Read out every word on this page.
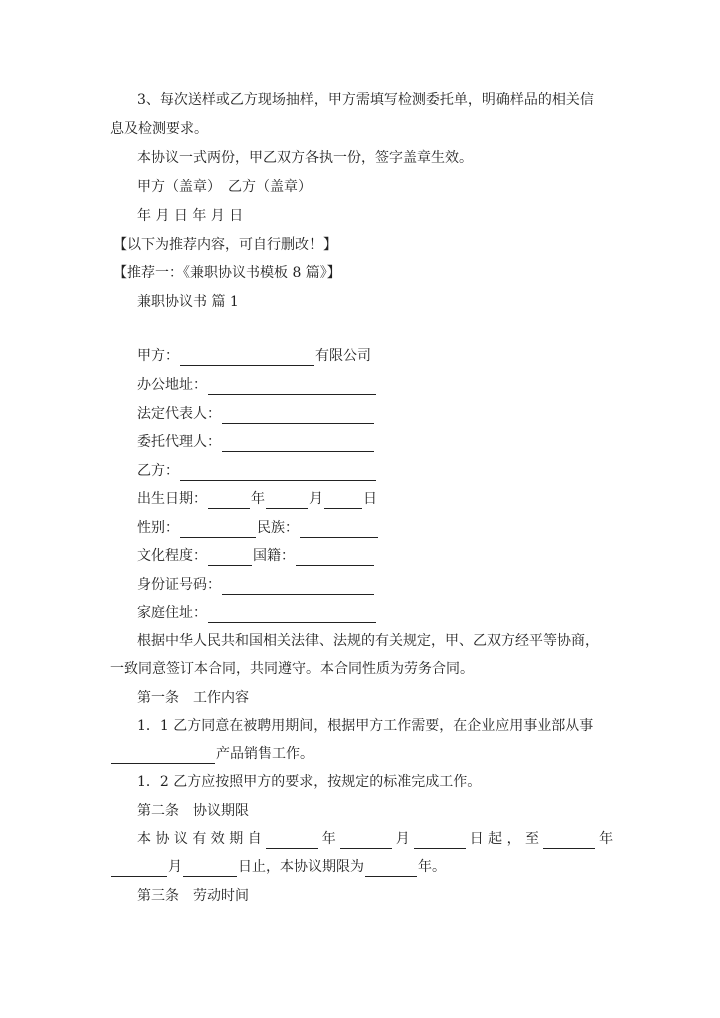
3、每次送样或乙方现场抽样，甲方需填写检测委托单，明确样品的相关信
息及检测要求。
本协议一式两份，甲乙双方各执一份，签字盖章生效。
甲方（盖章）　乙方（盖章）
年 月 日 年 月 日
【以下为推荐内容，可自行删改！】
【推荐一：《兼职协议书模板 8 篇》】
兼职协议书 篇 1
甲方：	有限公司
办公地址：
法定代表人：
委托代理人：
乙方：
出生日期：	年	月	日
性别：	民族：
文化程度：	国籍：
身份证号码：
家庭住址：
根据中华人民共和国相关法律、法规的有关规定，甲、乙双方经平等协商，
一致同意签订本合同，共同遵守。本合同性质为劳务合同。
第一条　工作内容
1．1 乙方同意在被聘用期间，根据甲方工作需要，在企业应用事业部从事
产品销售工作。
1．2 乙方应按照甲方的要求，按规定的标准完成工作。
第二条　协议期限
本 协 议 有 效 期 自	年	月	日 起 ， 至	年
月	日止，本协议期限为	年。
第三条　劳动时间
